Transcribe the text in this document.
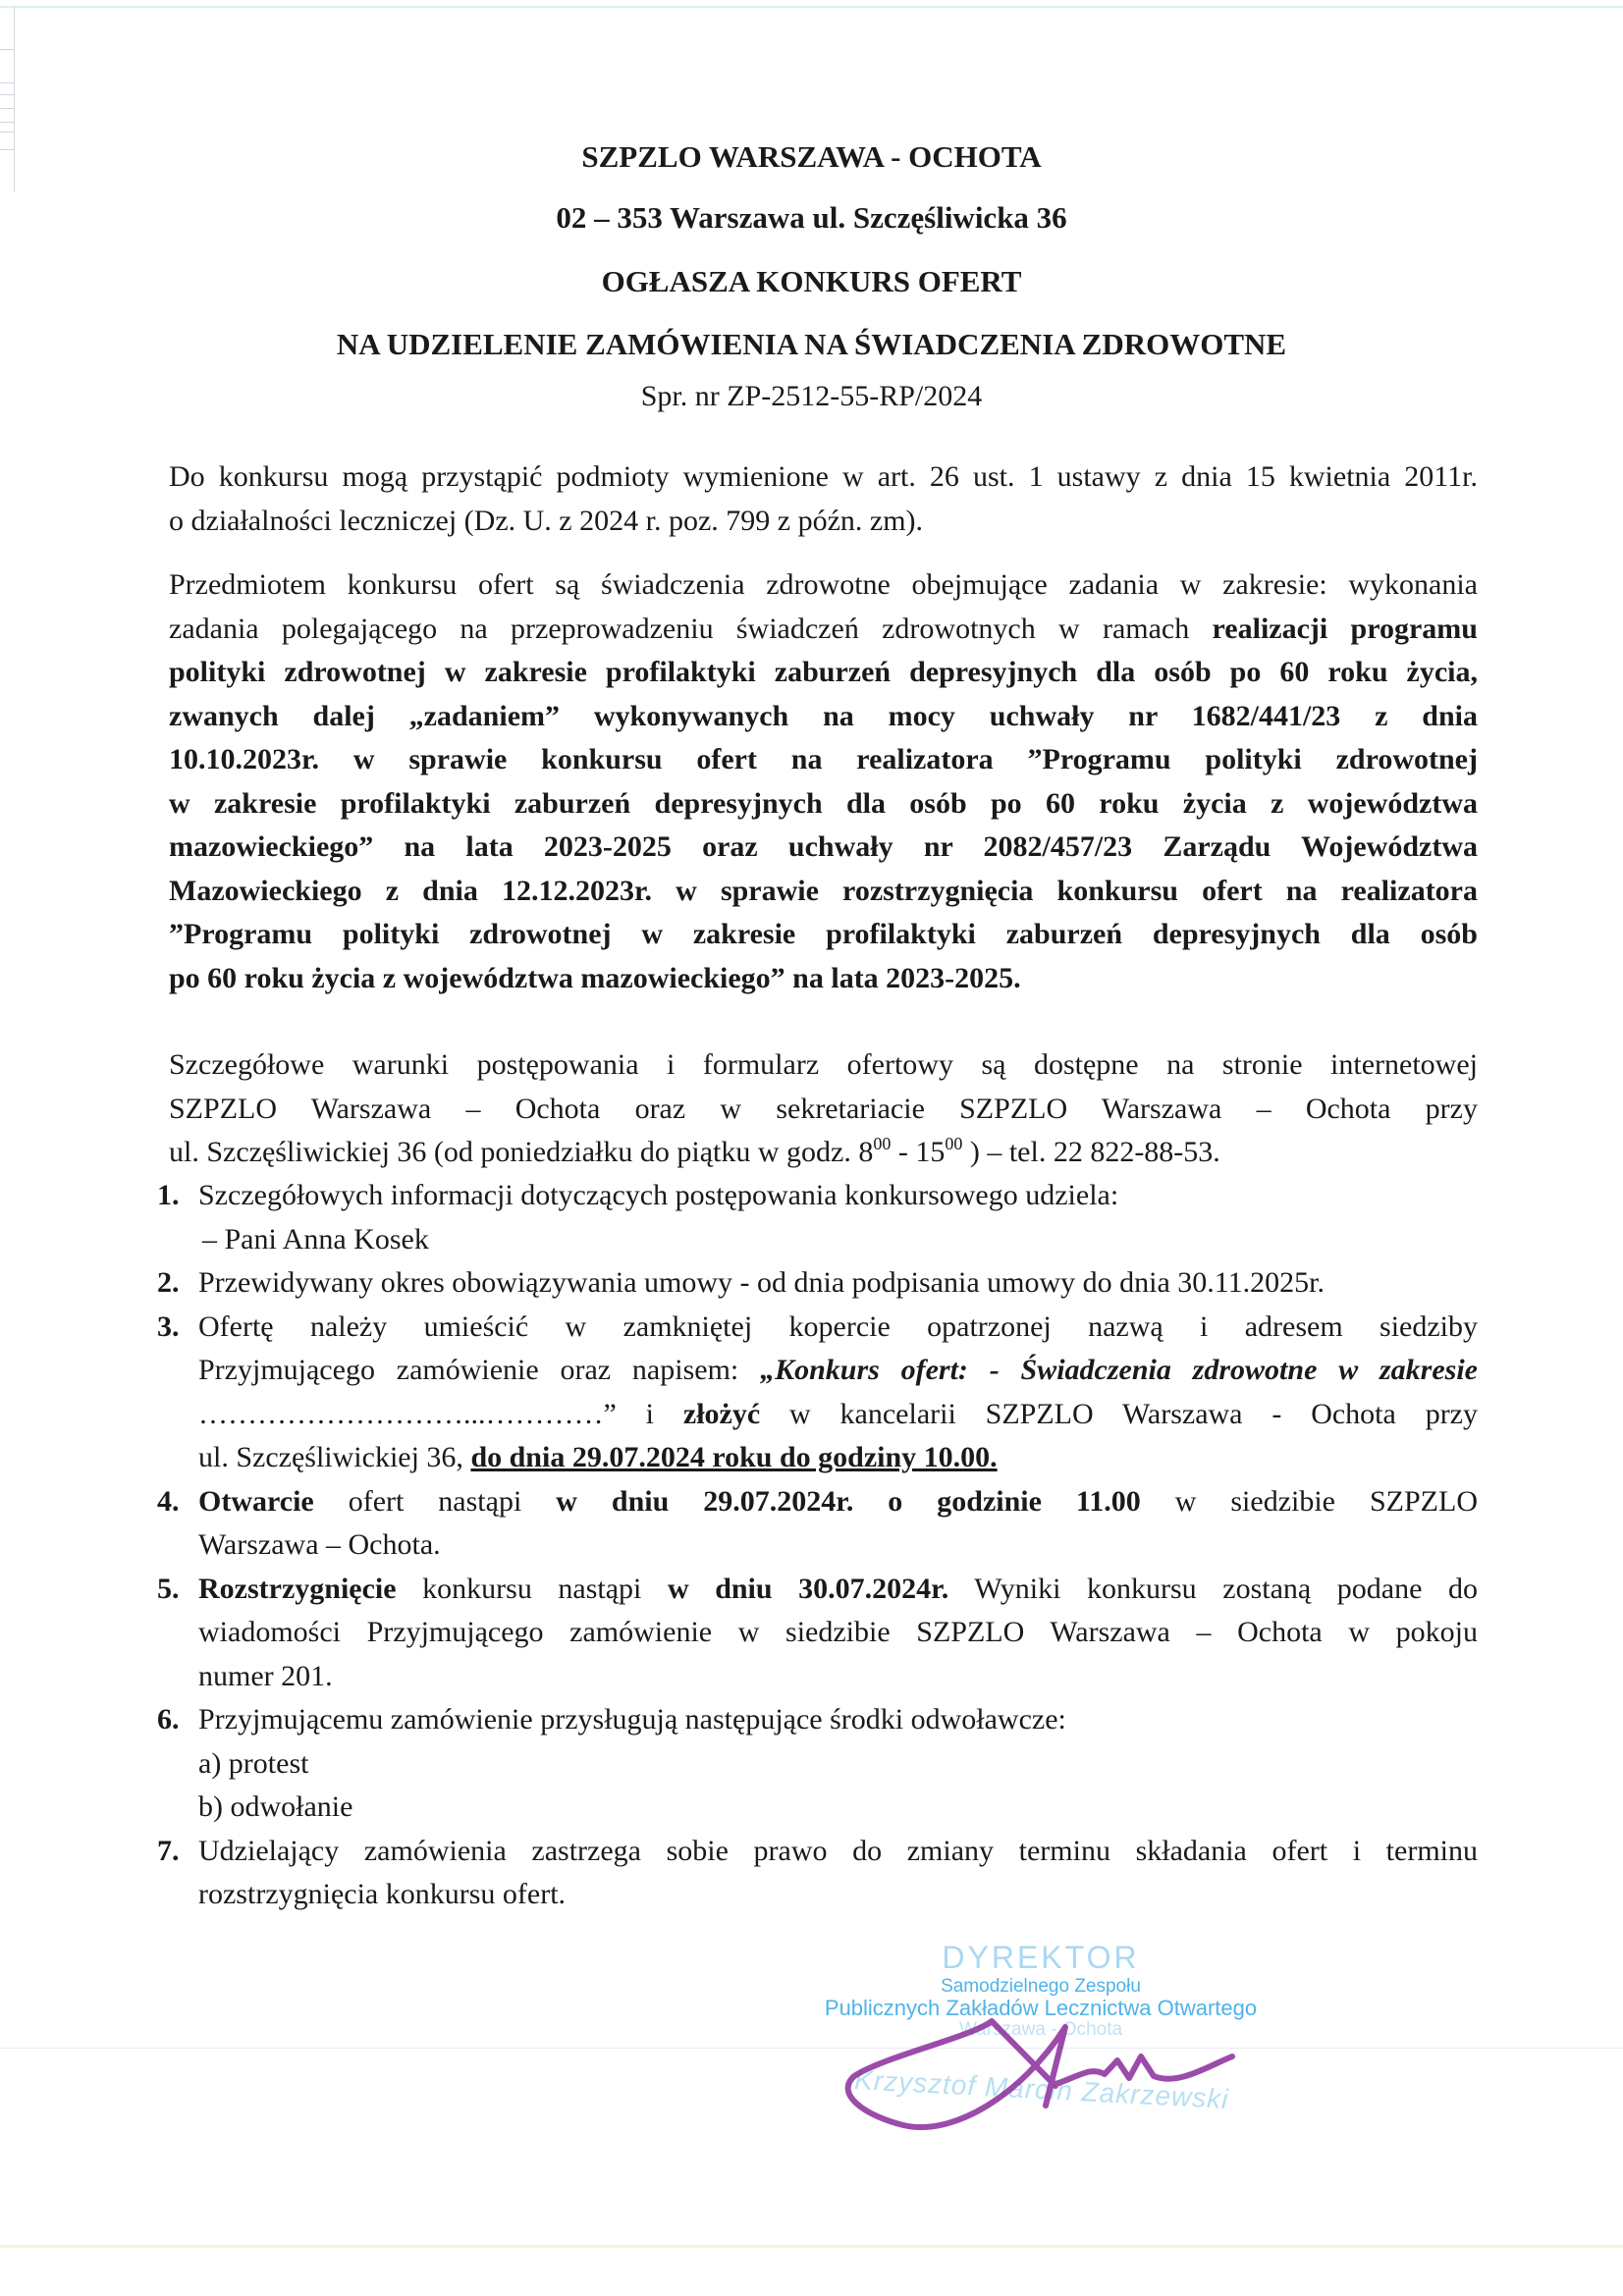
SZPZLO WARSZAWA - OCHOTA
02 – 353 Warszawa ul. Szczęśliwicka 36
OGŁASZA KONKURS OFERT
NA UDZIELENIE ZAMÓWIENIA NA ŚWIADCZENIA ZDROWOTNE
Spr. nr ZP-2512-55-RP/2024
Do konkursu mogą przystąpić podmioty wymienione w art. 26 ust. 1 ustawy z dnia 15 kwietnia 2011r.
o działalności leczniczej (Dz. U. z 2024 r. poz. 799 z późn. zm).
Przedmiotem konkursu ofert są świadczenia zdrowotne obejmujące zadania w zakresie: wykonania
zadania polegającego na przeprowadzeniu świadczeń zdrowotnych w ramach realizacji programu
polityki zdrowotnej w zakresie profilaktyki zaburzeń depresyjnych dla osób po 60 roku życia,
zwanych dalej „zadaniem” wykonywanych na mocy uchwały nr 1682/441/23 z dnia
10.10.2023r. w sprawie konkursu ofert na realizatora ”Programu polityki zdrowotnej
w zakresie profilaktyki zaburzeń depresyjnych dla osób po 60 roku życia z województwa
mazowieckiego” na lata 2023-2025 oraz uchwały nr 2082/457/23 Zarządu Województwa
Mazowieckiego z dnia 12.12.2023r. w sprawie rozstrzygnięcia konkursu ofert na realizatora
”Programu polityki zdrowotnej w zakresie profilaktyki zaburzeń depresyjnych dla osób
po 60 roku życia z województwa mazowieckiego” na lata 2023-2025.
Szczegółowe warunki postępowania i formularz ofertowy są dostępne na stronie internetowej
SZPZLO Warszawa – Ochota oraz w sekretariacie SZPZLO Warszawa – Ochota przy
ul. Szczęśliwickiej 36 (od poniedziałku do piątku w godz. $8^{00} - 15^{00}$ ) – tel. 22 822-88-53.
1. Szczegółowych informacji dotyczących postępowania konkursowego udziela:
– Pani Anna Kosek
2. Przewidywany okres obowiązywania umowy - od dnia podpisania umowy do dnia 30.11.2025r.
3. Ofertę należy umieścić w zamkniętej kopercie opatrzonej nazwą i adresem siedziby
Przyjmującego zamówienie oraz napisem: „Konkurs ofert: - Świadczenia zdrowotne w zakresie
………………………...…………” i złożyć w kancelarii SZPZLO Warszawa - Ochota przy
ul. Szczęśliwickiej 36, do dnia 29.07.2024 roku do godziny 10.00.
4. Otwarcie ofert nastąpi w dniu 29.07.2024r. o godzinie 11.00 w siedzibie SZPZLO
Warszawa – Ochota.
5. Rozstrzygnięcie konkursu nastąpi w dniu 30.07.2024r. Wyniki konkursu zostaną podane do
wiadomości Przyjmującego zamówienie w siedzibie SZPZLO Warszawa – Ochota w pokoju
numer 201.
6. Przyjmującemu zamówienie przysługują następujące środki odwoławcze:
a) protest
b) odwołanie
7. Udzielający zamówienia zastrzega sobie prawo do zmiany terminu składania ofert i terminu
rozstrzygnięcia konkursu ofert.
DYREKTOR
Samodzielnego Zespołu
Publicznych Zakładów Lecznictwa Otwartego
Warszawa - Ochota
Krzysztof Marcin Zakrzewski
